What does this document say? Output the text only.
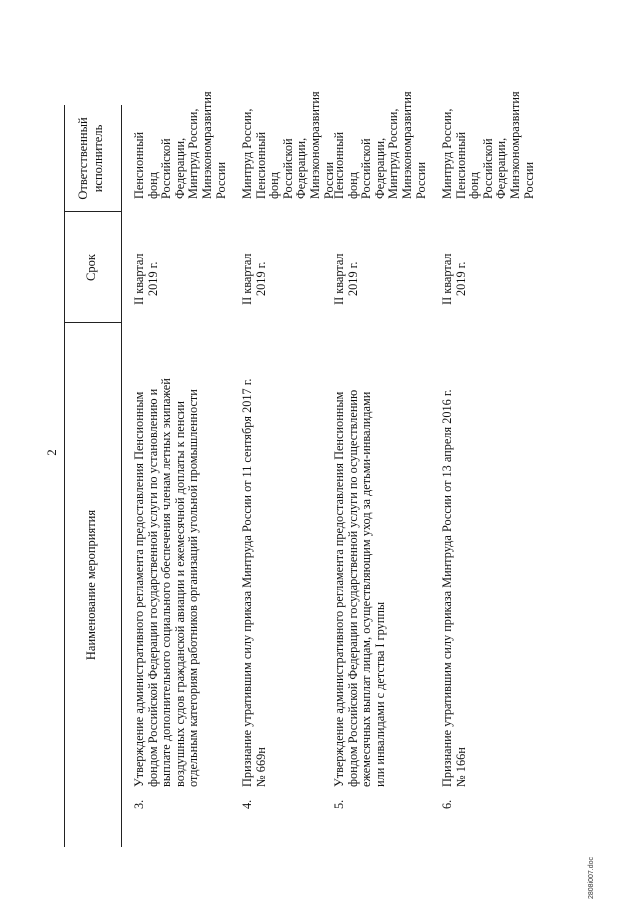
2
Наименование мероприятия
Срок
Ответственный исполнитель
3.
Утверждение административного регламента предоставления Пенсионным фондом Российской Федерации государственной услуги по установлению и выплате дополнительного социального обеспечения членам летных экипажей воздушных судов гражданской авиации и ежемесячной доплаты к пенсии отдельным категориям работников организаций угольной промышленности
II квартал 2019 г.
Пенсионный фонд Российской Федерации, Минтруд России, Минэкономразвития России
4.
Признание утратившим силу приказа Минтруда России от 11 сентября 2017 г. № 669н
II квартал 2019 г.
Минтруд России, Пенсионный фонд Российской Федерации, Минэкономразвития России
5.
Утверждение административного регламента предоставления Пенсионным фондом Российской Федерации государственной услуги по осуществлению ежемесячных выплат лицам, осуществляющим уход за детьми-инвалидами или инвалидами с детства I группы
II квартал 2019 г.
Пенсионный фонд Российской Федерации, Минтруд России, Минэкономразвития России
6.
Признание утратившим силу приказа Минтруда России от 13 апреля 2016 г. № 166н
II квартал 2019 г.
Минтруд России, Пенсионный фонд Российской Федерации, Минэкономразвития России
2808i007.doc
